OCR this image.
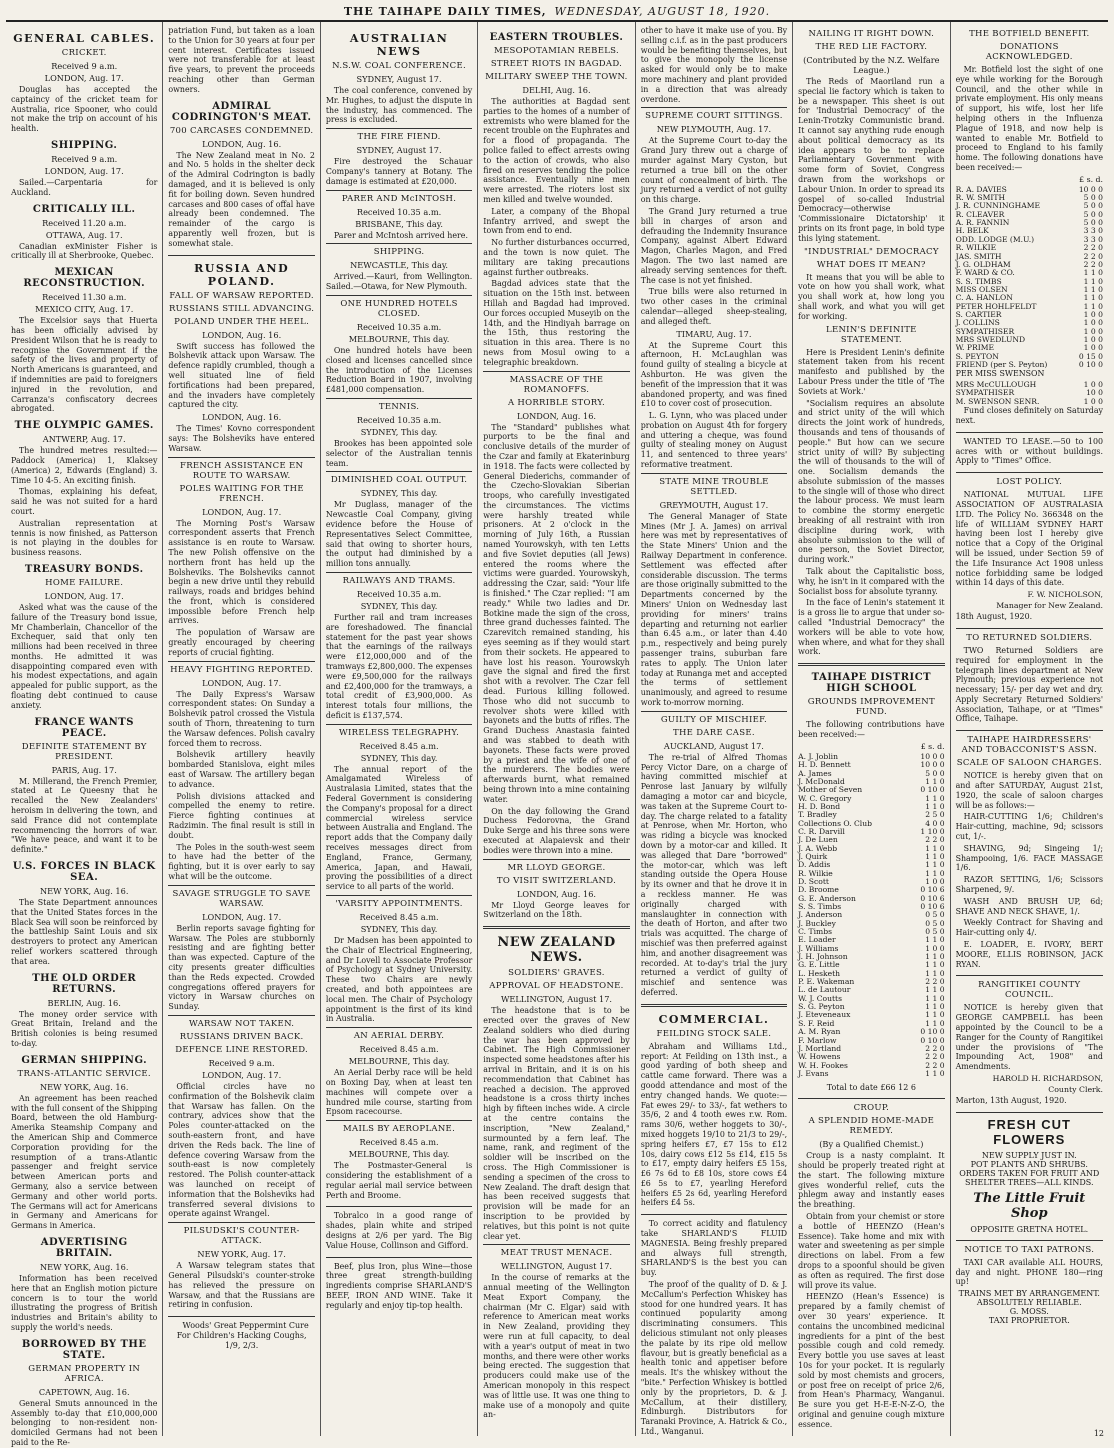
THE TAIHAPE DAILY TIMES, WEDNESDAY, AUGUST 18, 1920.
GENERAL CABLES.
CRICKET.
Received 9 a.m.
LONDON, Aug. 17.

Douglas has accepted the captaincy of the cricket team for Australia, rice Spooner, who could not make the trip on account of his health.

SHIPPING.
Received 9 a.m.
LONDON, Aug. 17.

Sailed.—Carpentaria for Auckland.

CRITICALLY ILL.
Received 11.20 a.m.
OTTAWA, Aug. 17.

Canadian exMinister Fisher is critically ill at Sherbrooke, Quebec.

MEXICAN RECONSTRUCTION.
Received 11.30 a.m.
MEXICO CITY, Aug. 17.

The Excelsior says that Huerta has been officially advised by President Wilson that he is ready to recognise the Government if the safety of the lives and property of North Americans is guaranteed, and if indemnities are paid to foreigners injured in the revolution, and Carranza's confiscatory decrees abrogated.

THE OLYMPIC GAMES.
ANTWERP, Aug. 17.

The hundred metres resulted:—Paddock (America) 1, Klaksey (America) 2, Edwards (England) 3. Time 10 4-5. An exciting finish.

Thomas, explaining his defeat, said he was not suited for a hard court.

Australian representation at tennis is now finished, as Patterson is not playing in the doubles for business reasons.

TREASURY BONDS.
HOME FAILURE.
LONDON, Aug. 17.

Asked what was the cause of the failure of the Treasury bond issue, Mr Chamberlain, Chancellor of the Exchequer, said that only ten millions had been received in three months. He admitted it was disappointing compared even with his modest expectations, and again appealed for public support, as the floating debt continued to cause anxiety.

FRANCE WANTS PEACE.
DEFINITE STATEMENT BY PRESIDENT.
PARIS, Aug. 17.

M. Millerand, the French Premier, stated at Le Queesny that he recalled the New Zealanders' heroism in delivering the town, and said France did not contemplate recommencing the horrors of war. "We have peace, and want it to be definite."

U.S. FORCES IN BLACK SEA.
NEW YORK, Aug. 16.

The State Department announces that the United States forces in the Black Sea will soon be reinforced by the battleship Saint Louis and six destroyers to protect any American relief workers scattered through that area.

THE OLD ORDER RETURNS.
BERLIN, Aug. 16.

The money order service with Great Britain, Ireland and the British colonies is being resumed to-day.

GERMAN SHIPPING.
TRANS-ATLANTIC SERVICE.
NEW YORK, Aug. 16.

An agreement has been reached with the full consent of the Shipping Board, between the old Hamburg-Amerika Steamship Company and the American Ship and Commerce Corporation providing for the resumption of a trans-Atlantic passenger and freight service between American ports and Germany, also a service between Germany and other world ports. The Germans will act for Americans in Germany and Americans for Germans in America.

ADVERTISING BRITAIN.
NEW YORK, Aug. 16.

Information has been received here that an English motion picture concern is to tour the world illustrating the progress of British industries and Britain's ability to supply the world's needs.

BORROWED BY THE STATE.
GERMAN PROPERTY IN AFRICA.
CAPETOWN, Aug. 16.

General Smuts announced in the Assembly to-day that £10,000,000 belonging to non-resident non-domiciled Germans had not been paid to the Re-

patriation Fund, but taken as a loan to the Union for 30 years at four per cent interest. Certificates issued were not transferable for at least five years, to prevent the proceeds reaching other than German owners.

ADMIRAL CODRINGTON'S MEAT.
700 CARCASES CONDEMNED.
LONDON, Aug. 16.

The New Zealand meat in No. 2 and No. 5 holds in the shelter deck of the Admiral Codrington is badly damaged, and it is believed is only fit for boiling down. Seven hundred carcases and 800 cases of offal have already been condemned. The remainder of the cargo is apparently well frozen, but is somewhat stale.

RUSSIA AND POLAND.
FALL OF WARSAW REPORTED.
RUSSIANS STILL ADVANCING.
POLAND UNDER THE HEEL.
LONDON, Aug. 16.

Swift success has followed the Bolshevik attack upon Warsaw. The defence rapidly crumbled, though a well situated line of field fortifications had been prepared, and the invaders have completely captured the city.

LONDON, Aug. 16.

The Times' Kovno correspondent says: The Bolsheviks have entered Warsaw.

FRENCH ASSISTANCE EN ROUTE TO WARSAW.
POLES WAITING FOR THE FRENCH.
LONDON, Aug. 17.

The Morning Post's Warsaw correspondent asserts that French assistance is en route to Warsaw. The new Polish offensive on the northern front has held up the Bolsheviks. The Bolsheviks cannot begin a new drive until they rebuild railways, roads and bridges behind the front, which is considered impossible before French help arrives.

The population of Warsaw are greatly encouraged by cheering reports of crucial fighting.

HEAVY FIGHTING REPORTED.
LONDON, Aug. 17.

The Daily Express's Warsaw correspondent states: On Sunday a Bolshevik patrol crossed the Vistula south of Thorn, threatening to turn the Warsaw defences. Polish cavalry forced them to recross.

Bolshevik artillery heavily bombarded Stanislova, eight miles east of Warsaw. The artillery began to advance.

Polish divisions attacked and compelled the enemy to retire. Fierce fighting continues at Radzimin. The final result is still in doubt.

The Poles in the south-west seem to have had the better of the fighting, but it is over early to say what will be the outcome.

SAVAGE STRUGGLE TO SAVE WARSAW.
LONDON, Aug. 17.

Berlin reports savage fighting for Warsaw. The Poles are stubbornly resisting and are fighting better than was expected. Capture of the city presents greater difficulties than the Reds expected. Crowded congregations offered prayers for victory in Warsaw churches on Sunday.

WARSAW NOT TAKEN.
RUSSIANS DRIVEN BACK.
DEFENCE LINE RESTORED.
Received 9 a.m.
LONDON, Aug. 17.

Official circles have no confirmation of the Bolshevik claim that Warsaw has fallen. On the contrary, advices show that the Poles counter-attacked on the south-eastern front, and have driven the Reds back. The line of defence covering Warsaw from the south-east is now completely restored. The Polish counter-attack was launched on receipt of information that the Bolsheviks had transferred several divisions to operate against Wrangel.

PILSUDSKI'S COUNTER-ATTACK.
NEW YORK, Aug. 17.

A Warsaw telegram states that General Pilsudski's counter-stroke has relieved the pressure on Warsaw, and that the Russians are retiring in confusion.

Woods' Great Peppermint Cure For Children's Hacking Coughs, 1/9, 2/3.

AUSTRALIAN NEWS
N.S.W. COAL CONFERENCE.
SYDNEY, August 17.

The coal conference, convened by Mr. Hughes, to adjust the dispute in the industry, has commenced. The press is excluded.

THE FIRE FIEND.
SYDNEY, August 17.

Fire destroyed the Schauar Company's tannery at Botany. The damage is estimated at £20,000.

PARER AND McINTOSH.
Received 10.35 a.m.
BRISBANE, This day.

Parer and McIntosh arrived here.

SHIPPING.
NEWCASTLE, This day.

Arrived.—Kauri, from Wellington. Sailed.—Otawa, for New Plymouth.

ONE HUNDRED HOTELS CLOSED.
Received 10.35 a.m.
MELBOURNE, This day.

One hundred hotels have been closed and licenses cancelled since the introduction of the Licenses Reduction Board in 1907, involving £481,000 compensation.

TENNIS.
Received 10.35 a.m.
SYDNEY, This day.

Brookes has been appointed sole selector of the Australian tennis team.

DIMINISHED COAL OUTPUT.
SYDNEY, This day.

Mr Duglass, manager of the Newcastle Coal Company, giving evidence before the House of Representatives Select Committee, said that owing to shorter hours, the output had diminished by a million tons annually.

RAILWAYS AND TRAMS.
Received 10.35 a.m.
SYDNEY, This day.

Further rail and tram increases are foreshadowed. The financial statement for the past year shows that the earnings of the railways were £12,000,000 and of the tramways £2,800,000. The expenses were £9,500,000 for the railways and £2,400,000 for the tramways, a total credit of £3,900,000. As interest totals four millions, the deficit is £137,574.

WIRELESS TELEGRAPHY.
Received 8.45 a.m.
SYDNEY, This day.

The annual report of the Amalgamated Wireless of Australasia Limited, states that the Federal Government is considering the Company's proposal for a direct commercial wireless service between Australia and England. The report adds that the Company daily receives messages direct from England, France, Germany, America, Japan, and Hawaii, proving the possibilities of a direct service to all parts of the world.

'VARSITY APPOINTMENTS.
Received 8.45 a.m.
SYDNEY, This day.

Dr Madsen has been appointed to the Chair of Electrical Engineering, and Dr Lovell to Associate Professor of Psychology at Sydney University. These two Chairs are newly created, and both appointees are local men. The Chair of Psychology appointment is the first of its kind in Australia.

AN AERIAL DERBY.
Received 8.45 a.m.
MELBOURNE, This day.

An Aerial Derby race will be held on Boxing Day, when at least ten machines will compete over a hundred mile course, starting from Epsom racecourse.

MAILS BY AEROPLANE.
Received 8.45 a.m.
MELBOURNE, This day.

The Postmaster-General is considering the establishment of a regular aerial mail service between Perth and Broome.

Tobralco in a good range of shades, plain white and striped designs at 2/6 per yard. The Big Value House, Collinson and Gifford.

Beef, plus Iron, plus Wine—those three great strength-building ingredients comprise SHARLAND'S BEEF, IRON AND WINE. Take it regularly and enjoy tip-top health.

EASTERN TROUBLES.
MESOPOTAMIAN REBELS.
STREET RIOTS IN BAGDAD.
MILITARY SWEEP THE TOWN.
DELHI, Aug. 16.

The authorities at Bagdad sent parties to the homes of a number of extremists who were blamed for the recent trouble on the Euphrates and for a flood of propaganda. The police failed to effect arrests owing to the action of crowds, who also fired on reserves tending the police assistance. Eventually nine men were arrested. The rioters lost six men killed and twelve wounded.

Later, a company of the Bhopal Infantry arrived, and swept the town from end to end.

No further disturbances occurred, and the town is now quiet. The military are taking precautions against further outbreaks.

Bagdad advices state that the situation on the 15th inst. between Hillah and Bagdad had improved. Our forces occupied Museyib on the 14th, and the Hindiyah barrage on the 15th, thus restoring the situation in this area. There is no news from Mosul owing to a telegraphic breakdown.

MASSACRE OF THE ROMANOFFS.
A HORRIBLE STORY.
LONDON, Aug. 16.

The "Standard" publishes what purports to be the final and conclusive details of the murder of the Czar and family at Ekaterinburg in 1918. The facts were collected by General Diederichs, commander of the Czecho-Slovakian Siberian troops, who carefully investigated the circumstances. The victims were harshly treated while prisoners. At 2 o'clock in the morning of July 16th, a Russian named Yourowskyh, with ten Letts and five Soviet deputies (all Jews) entered the rooms where the victims were guarded. Yourowskyh, addressing the Czar, said: "Your life is finished." The Czar replied: "I am ready." While two ladies and Dr. Botkine made the sign of the cross, three grand duchesses fainted. The Czarevitch remained standing, his eyes seeming as if they would start from their sockets. He appeared to have lost his reason. Yourowskyh gave the signal and fired the first shot with a revolver. The Czar fell dead. Furious killing followed. Those who did not succumb to revolver shots were killed with bayonets and the butts of rifles. The Grand Duchess Anastasia fainted and was stabbed to death with bayonets. These facts were proved by a priest and the wife of one of the murderers. The bodies were afterwards burnt, what remained being thrown into a mine containing water.

On the day following the Grand Duchess Fedorovna, the Grand Duke Serge and his three sons were executed at Alapaievsk and their bodies were thrown into a mine.

MR LLOYD GEORGE.
TO VISIT SWITZERLAND.
LONDON, Aug. 16.

Mr Lloyd George leaves for Switzerland on the 18th.

NEW ZEALAND NEWS.
SOLDIERS' GRAVES.
APPROVAL OF HEADSTONE.
WELLINGTON, August 17.

The headstone that is to be erected over the graves of New Zealand soldiers who died during the war has been approved by Cabinet. The High Commissioner inspected some headstones after his arrival in Britain, and it is on his recommendation that Cabinet has reached a decision. The approved headstone is a cross thirty inches high by fifteen inches wide. A circle at the centre contains the inscription, "New Zealand," surmounted by a fern leaf. The name, rank, and regiment of the soldier will be inscribed on the cross. The High Commissioner is sending a specimen of the cross to New Zealand. The draft design that has been received suggests that provision will be made for an inscription to be provided by relatives, but this point is not quite clear yet.

MEAT TRUST MENACE.
WELLINGTON, August 17.

In the course of remarks at the annual meeting of the Wellington Meat Export Company, the chairman (Mr C. Elgar) said with reference to American meat works in New Zealand, providing they were run at full capacity, to deal with a year's output of meat in two months, and there were other works being erected. The suggestion that producers could make use of the American monopoly in this respect was of little use. It was one thing to make use of a monopoly and quite an-

other to have it make use of you. By selling c.i.f. as in the past producers would be benefiting themselves, but to give the monopoly the license asked for would only be to make more machinery and plant provided in a direction that was already overdone.

SUPREME COURT SITTINGS.
NEW PLYMOUTH, Aug. 17.

At the Supreme Court to-day the Grand Jury threw out a charge of murder against Mary Cyston, but returned a true bill on the other count of concealment of birth. The jury returned a verdict of not guilty on this charge.

The Grand Jury returned a true bill in charges of arson and defrauding the Indemnity Insurance Company, against Albert Edward Magon, Charles Magon, and Fred Magon. The two last named are already serving sentences for theft. The case is not yet finished.

True bills were also returned in two other cases in the criminal calendar—alleged sheep-stealing, and alleged theft.

TIMARU, Aug. 17.

At the Supreme Court this afternoon, H. McLaughlan was found guilty of stealing a bicycle at Ashburton. He was given the benefit of the impression that it was abandoned property, and was fined £10 to cover cost of prosecution.

L. G. Lynn, who was placed under probation on August 4th for forgery and uttering a cheque, was found guilty of stealing money on August 11, and sentenced to three years' reformative treatment.

STATE MINE TROUBLE SETTLED.
GREYMOUTH, August 17.

The General Manager of State Mines (Mr J. A. James) on arrival here was met by representatives of the State Miners' Union and the Railway Department in conference. Settlement was effected after considerable discussion. The terms are those originally submitted to the Departments concerned by the Miners' Union on Wednesday last providing for miners' trains departing and returning not earlier than 6.45 a.m., or later than 4.40 p.m., respectively and being purely passenger trains, suburban fare rates to apply. The Union later today at Runanga met and accepted the terms of settlement unanimously, and agreed to resume work to-morrow morning.

GUILTY OF MISCHIEF.
THE DARE CASE.
AUCKLAND, August 17.

The re-trial of Alfred Thomas Percy Victor Dare, on a charge of having committed mischief at Penrose last January by wilfully damaging a motor car and bicycle, was taken at the Supreme Court to-day. The charge related to a fatality at Penrose, when Mr. Horton, who was riding a bicycle was knocked down by a motor-car and killed. It was alleged that Dare "borrowed" the motor-car, which was left standing outside the Opera House by its owner and that he drove it in a reckless manner. He was originally charged with manslaughter in connection with the death of Horton, and after two trials was acquitted. The charge of mischief was then preferred against him, and another disagreement was recorded. At to-day's trial the jury returned a verdict of guilty of mischief and sentence was deferred.

COMMERCIAL.
FEILDING STOCK SALE.

Abraham and Williams Ltd., report: At Feilding on 13th inst., a good yarding of both sheep and cattle came forward. There was a goodd attendance and most of the entry changed hands. We quote:—Fat ewes 29/- to 33/-, fat wethers to 35/6, 2 and 4 tooth ewes r.w. Rom. rams 30/6, wether hoggets to 30/-, mixed hoggets 19/10 to 21/3 to 29/-, spring heifers £7, £7 15s to £12 10s, dairy cows £12 5s £14, £15 5s to £17, empty dairy heifers £5 15s, £6 7s 6d to £8 10s, store cows £4 £6 5s to £7, yearling Hereford heifers £5 2s 6d, yearling Hereford heifers £4 5s.

To correct acidity and flatulency take SHARLAND'S FLUID MAGNESIA. Being freshly prepared and always full strength, SHARLAND'S is the best you can buy.

The proof of the quality of D. & J. McCallum's Perfection Whiskey has stood for one hundred years. It has continued popularity among discriminating consumers. This delicious stimulant not only pleases the palate by its ripe old mellow flavour, but is greatly beneficial as a health tonic and appetiser before meals. It's the whiskey without the "bite." Perfection Whiskey is bottled only by the proprietors, D. & J. McCallum, at their distillery, Edinburgh. Distributors for Taranaki Province, A. Hatrick & Co., Ltd., Wanganui.

NAILING IT RIGHT DOWN.
THE RED LIE FACTORY.
(Contributed by the N.Z. Welfare League.)

The Reds of Maoriland run a special lie factory which is taken to be a newspaper. This sheet is out for 'Industrial Democracy' of the Lenin-Trotzky Communistic brand. It cannot say anything rude enough about political democracy as its idea appears to be to replace Parliamentary Government with some form of Soviet, Congress drawn from the workshops or Labour Union. In order to spread its gospel of so-called Industrial Democracy—otherwise 'Commissionaire Dictatorship' it prints on its front page, in bold type this lying statement.

"INDUSTRIAL" DEMOCRACY
WHAT DOES IT MEAN?

It means that you will be able to vote on how you shall work, what you shall work at, how long you shall work, and what you will get for working.

LENIN'S DEFINITE STATEMENT.

Here is President Lenin's definite statement taken from his recent manifesto and published by the Labour Press under the title of 'The Soviets at Work.'

"Socialism requires an absolute and strict unity of the will which directs the joint work of hundreds, thousands and tens of thousands of people." But how can we secure strict unity of will? By subjecting the will of thousands to the will of one. Socialism demands the absolute submission of the masses to the single will of those who direct the labour process. We must learn to combine the stormy energetic breaking of all restraint with iron discipline during work, with absolute submission to the will of one person, the Soviet Director, during work."

Talk about the Capitalistic boss, why, he isn't in it compared with the Socialist boss for absolute tyranny.

In the face of Lenin's statement it is a gross lie to argue that under so-called "Industrial Democracy" the workers will be able to vote how, when where, and what for they shall work.

TAIHAPE DISTRICT HIGH SCHOOL
GROUNDS IMPROVEMENT FUND.

The following contributions have been received:—

£ s. d.
A. J. Joblin	10 0 0
H. D. Bennett	10 0 0
A. James	5 0 0
J. McDonald	1 1 0
Mother of Seven	0 10 0
W. C. Gregory	1 1 0
H. D. Bond	1 1 0
T. Bradley	2 5 0
Collections O. Club	4 0 0
C. R. Darvill	1 10 0
J. De Luen	2 2 0
J. A. Webb	1 1 0
J. Quirk	1 1 0
D. Addis	1 1 0
R. Wilkie	1 1 0
D. Scott	1 0 0
D. Broome	0 10 6
G. E. Anderson	0 10 6
S. S. Timbs	0 10 6
J. Anderson	0 5 0
J. Buckley	0 5 0
C. Timbs	0 5 0
E. Loader	1 1 0
J. Williams	1 0 0
J. H. Johnson	1 1 0
G. E. Little	1 1 0
L. Hesketh	1 1 0
P. E. Wakeman	2 2 0
L. de Lautour	1 1 0
W. J. Coutts	1 1 0
S. G. Peyton	1 1 0
J. Eteveneaux	1 1 0
S. F. Reid	1 1 0
A. M. Ryan	0 10 0
F. Marlow	0 10 0
J. Mortland	2 2 0
W. Howens	2 2 0
W. H. Fookes	2 2 0
J. Evans	1 1 0
Total to date £66 12 6
CROUP.
A SPLENDID HOME-MADE REMEDY.
(By a Qualified Chemist.)

Croup is a nasty complaint. It should be properly treated right at the start. The following mixture gives wonderful relief, cuts the phlegm away and instantly eases the breathing.

Obtain from your chemist or store a bottle of HEENZO (Hean's Essence). Take home and mix with water and sweetening as per simple directions on label. From a few drops to a spoonful should be given as often as required. The first dose will prove its value.

HEENZO (Hean's Essence) is prepared by a family chemist of over 30 years' experience. It contains the uncombined medicinal ingredients for a pint of the best possible cough and cold remedy. Every bottle you use saves at least 10s for your pocket. It is regularly sold by most chemists and grocers, or post free on receipt of price 2/6, from Hean's Pharmacy, Wanganui. Be sure you get H-E-E-N-Z-O, the original and genuine cough mixture essence.

THE BOTFIELD BENEFIT.
DONATIONS ACKNOWLEDGED.

Mr. Botfield lost the sight of one eye while working for the Borough Council, and the other while in private employment. His only means of support, his wife, lost her life helping others in the Influenza Plague of 1918, and now help is wanted to enable Mr. Botfield to proceed to England to his family home. The following donations have been received:—

£ s. d.
R. A. DAVIES	10 0 0
R. W. SMITH	5 0 0
J. R. CUNNINGHAME	5 0 0
R. CLEAVER	5 0 0
A. R. FANNIN	5 0 0
H. BELK	3 3 0
ODD. LODGE (M.U.)	3 3 0
R. WILKIE	2 2 0
JAS. SMITH	2 2 0
J. G. OLDHAM	2 2 0
F. WARD & CO.	1 1 0
S. S. TIMBS	1 1 0
MISS OLSEN	1 1 0
C. A. HANLON	1 1 0
PETER HOHLFELDT	1 1 0
S. CARTIER	1 0 0
J. COLLINS	1 0 0
SYMPATHISER	1 0 0
MRS SWEDLUND	1 0 0
W. PRIME	1 0 0
S. PEYTON	0 15 0
FRIEND (per S. Peyton)	0 10 0
PER MISS SWENSON
MRS McCULLOUGH	1 0 0
SYMPATHISER	10 0
M. SWENSON SENR.	1 0 0

Fund closes definitely on Saturday next.

WANTED TO LEASE.—50 to 100 acres with or without buildings. Apply to "Times" Office.

LOST POLICY.

NATIONAL MUTUAL LIFE ASSOCIATION OF AUSTRALASIA LTD. The Policy No. 366348 on the life of WILLIAM SYDNEY HART having been lost I hereby give notice that a Copy of the Original will be issued, under Section 59 of the Life Insurance Act 1908 unless notice forbidding same be lodged within 14 days of this date.

F. W. NICHOLSON,
Manager for New Zealand.
18th August, 1920.
TO RETURNED SOLDIERS.

TWO Returned Soldiers are required for employment in the telegraph lines department at New Plymouth; previous experience not necessary; 15/- per day wet and dry. Apply Secretary Returned Soldiers' Association, Taihape, or at "Times" Office, Taihape.

TAIHAPE HAIRDRESSERS' AND TOBACCONIST'S ASSN.
SCALE OF SALOON CHARGES.

NOTICE is hereby given that on and after SATURDAY, August 21st, 1920, the scale of saloon charges will be as follows:—

HAIR-CUTTING 1/6; Children's Hair-cutting, machine, 9d; scissors cut, 1/-.

SHAVING, 9d; Singeing 1/; Shampooing, 1/6. FACE MASSAGE 1/6.

RAZOR SETTING, 1/6; Scissors Sharpened, 9/.

WASH AND BRUSH UP, 6d; SHAVE AND NECK SHAVE, 1/.

Weekly Contract for Shaving and Hair-cutting only 4/.

E. LOADER, E. IVORY, BERT MOORE, ELLIS ROBINSON, JACK RYAN.

RANGITIKEI COUNTY COUNCIL.

NOTICE is hereby given that GEORGE CAMPBELL has been appointed by the Council to be a Ranger for the County of Rangitikei under the provisions of "The Impounding Act, 1908" and Amendments.

HAROLD H. RICHARDSON,
County Clerk.
Marton, 13th August, 1920.
FRESH CUT FLOWERS
NEW SUPPLY JUST IN.
POT PLANTS AND SHRUBS.
ORDERS TAKEN FOR FRUIT AND SHELTER TREES—ALL KINDS.
The Little Fruit Shop
OPPOSITE GRETNA HOTEL.
NOTICE TO TAXI PATRONS.

TAXI CAR available ALL HOURS, day and night. PHONE 180—ring up!

TRAINS MET BY ARRANGEMENT.
ABSOLUTELY RELIABLE.
G. MOSS.
TAXI PROPRIETOR.
12
